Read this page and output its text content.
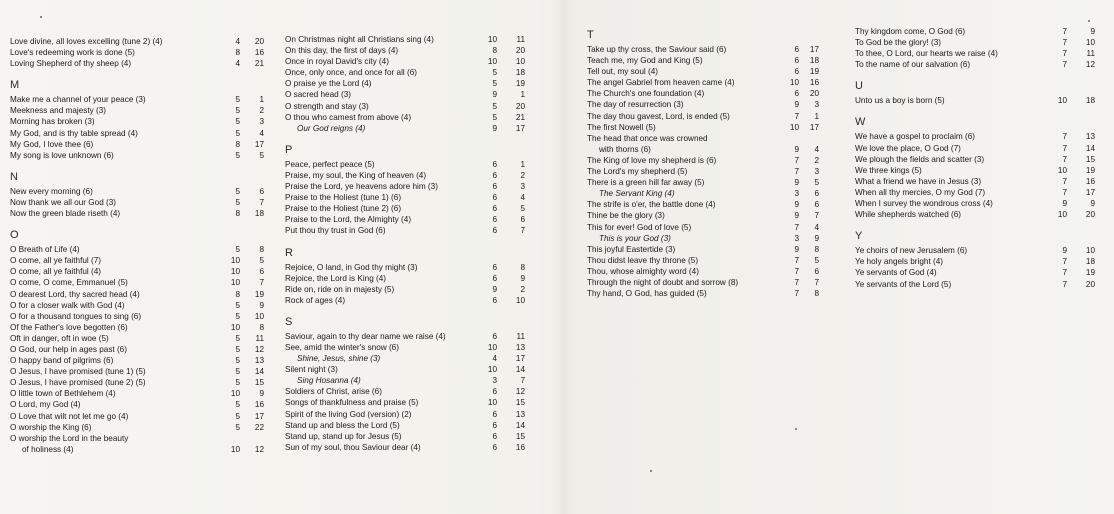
Love divine, all loves excelling (tune 2) (4)	4	20
Love's redeeming work is done (5)	8	16
Loving Shepherd of thy sheep (4)	4	21
M
Make me a channel of your peace (3)	5	1
Meekness and majesty (3)	5	2
Morning has broken (3)	5	3
My God, and is thy table spread (4)	5	4
My God, I love thee (6)	8	17
My song is love unknown (6)	5	5
N
New every morning (6)	5	6
Now thank we all our God (3)	5	7
Now the green blade riseth (4)	8	18
O
O Breath of Life (4)	5	8
O come, all ye faithful (7)	10	5
O come, all ye faithful (4)	10	6
O come, O come, Emmanuel (5)	10	7
O dearest Lord, thy sacred head (4)	8	19
O for a closer walk with God (4)	5	9
O for a thousand tongues to sing (6)	5	10
Of the Father's love begotten (6)	10	8
Oft in danger, oft in woe (5)	5	11
O God, our help in ages past (6)	5	12
O happy band of pilgrims (6)	5	13
O Jesus, I have promised (tune 1) (5)	5	14
O Jesus, I have promised (tune 2) (5)	5	15
O little town of Bethlehem (4)	10	9
O Lord, my God (4)	5	16
O Love that wilt not let me go (4)	5	17
O worship the King (6)	5	22
O worship the Lord in the beauty
of holiness (4)	10	12
On Christmas night all Christians sing (4)	10	11
On this day, the first of days (4)	8	20
Once in royal David's city (4)	10	10
Once, only once, and once for all (6)	5	18
O praise ye the Lord (4)	5	19
O sacred head (3)	9	1
O strength and stay (3)	5	20
O thou who camest from above (4)	5	21
Our God reigns (4)	9	17
P
Peace, perfect peace (5)	6	1
Praise, my soul, the King of heaven (4)	6	2
Praise the Lord, ye heavens adore him (3)	6	3
Praise to the Holiest (tune 1) (6)	6	4
Praise to the Holiest (tune 2) (6)	6	5
Praise to the Lord, the Almighty (4)	6	6
Put thou thy trust in God (6)	6	7
R
Rejoice, O land, in God thy might (3)	6	8
Rejoice, the Lord is King (4)	6	9
Ride on, ride on in majesty (5)	9	2
Rock of ages (4)	6	10
S
Saviour, again to thy dear name we raise (4)	6	11
See, amid the winter's snow (6)	10	13
Shine, Jesus, shine (3)	4	17
Silent night (3)	10	14
Sing Hosanna (4)	3	7
Soldiers of Christ, arise (6)	6	12
Songs of thankfulness and praise (5)	10	15
Spirit of the living God (version) (2)	6	13
Stand up and bless the Lord (5)	6	14
Stand up, stand up for Jesus (5)	6	15
Sun of my soul, thou Saviour dear (4)	6	16
T
Take up thy cross, the Saviour said (6)	6	17
Teach me, my God and King (5)	6	18
Tell out, my soul (4)	6	19
The angel Gabriel from heaven came (4)	10	16
The Church's one foundation (4)	6	20
The day of resurrection (3)	9	3
The day thou gavest, Lord, is ended (5)	7	1
The first Nowell (5)	10	17
The head that once was crowned
with thorns (6)	9	4
The King of love my shepherd is (6)	7	2
The Lord's my shepherd (5)	7	3
There is a green hill far away (5)	9	5
The Servant King (4)	3	6
The strife is o'er, the battle done (4)	9	6
Thine be the glory (3)	9	7
This for ever! God of love (5)	7	4
This is your God (3)	3	9
This joyful Eastertide (3)	9	8
Thou didst leave thy throne (5)	7	5
Thou, whose almighty word (4)	7	6
Through the night of doubt and sorrow (8)	7	7
Thy hand, O God, has guided (5)	7	8
Thy kingdom come, O God (6)	7	9
To God be the glory! (3)	7	10
To thee, O Lord, our hearts we raise (4)	7	11
To the name of our salvation (6)	7	12
U
Unto us a boy is born (5)	10	18
W
We have a gospel to proclaim (6)	7	13
We love the place, O God (7)	7	14
We plough the fields and scatter (3)	7	15
We three kings (5)	10	19
What a friend we have in Jesus (3)	7	16
When all thy mercies, O my God (7)	7	17
When I survey the wondrous cross (4)	9	9
While shepherds watched (6)	10	20
Y
Ye choirs of new Jerusalem (6)	9	10
Ye holy angels bright (4)	7	18
Ye servants of God (4)	7	19
Ye servants of the Lord (5)	7	20
